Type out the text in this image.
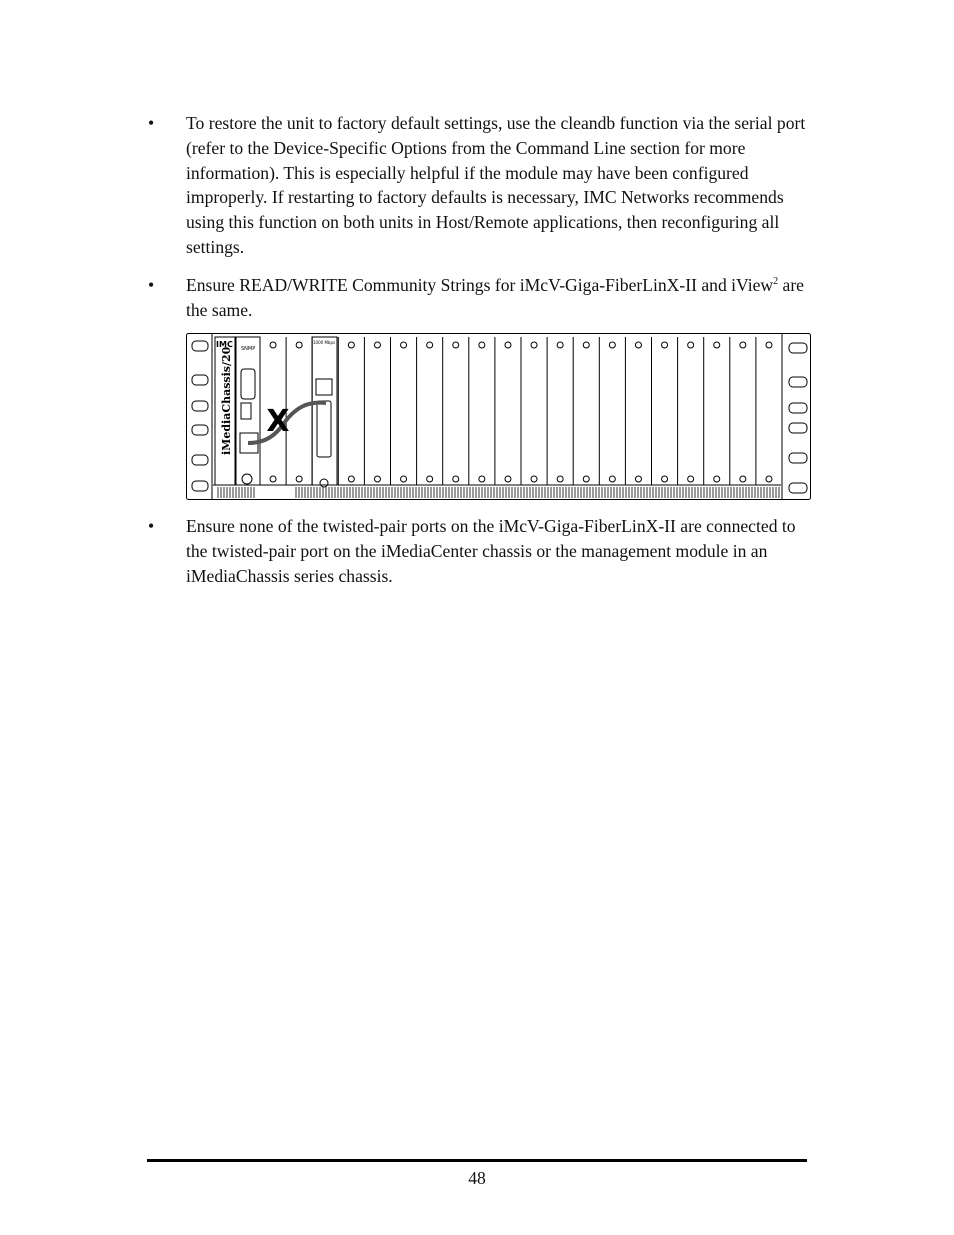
•	To restore the unit to factory default settings, use the cleandb function via the serial port (refer to the Device-Specific Options from the Command Line section for more information). This is especially helpful if the module may have been configured improperly. If restarting to factory defaults is necessary, IMC Networks recommends using this function on both units in Host/Remote applications, then reconfiguring all settings.
•	Ensure READ/WRITE Community Strings for iMcV-Giga-FiberLinX-II and iView$^2$ are the same.
X
iMediaChassis/20
IMC SNMP
1000 Mbps
•	Ensure none of the twisted-pair ports on the iMcV-Giga-FiberLinX-II are connected to the twisted-pair port on the iMediaCenter chassis or the management module in an iMediaChassis series chassis.
48
